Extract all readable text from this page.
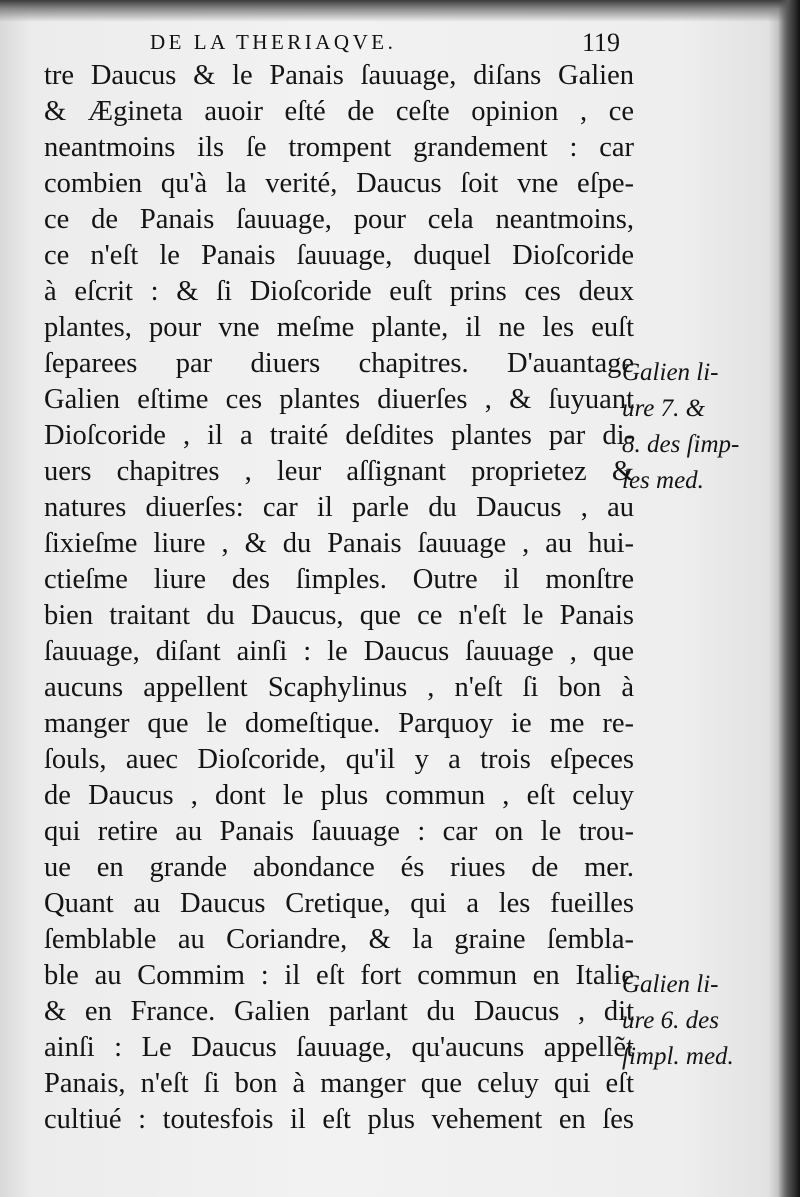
DE LA THERIAQVE.	119
tre Daucus & le Panais ſauuage, diſans Galien
& Ægineta auoir eſté de ceſte opinion , ce
neantmoins ils ſe trompent grandement : car
combien qu'à la verité, Daucus ſoit vne eſpe-
ce de Panais ſauuage, pour cela neantmoins,
ce n'eſt le Panais ſauuage, duquel Dioſcoride
à eſcrit : & ſi Dioſcoride euſt prins ces deux
plantes, pour vne meſme plante, il ne les euſt
ſeparees par diuers chapitres. D'auantage
Galien eſtime ces plantes diuerſes , & ſuyuant
Dioſcoride , il a traité deſdites plantes par di-
uers chapitres , leur aſſignant proprietez &
natures diuerſes: car il parle du Daucus , au
ſixieſme liure , & du Panais ſauuage , au hui-
ctieſme liure des ſimples. Outre il monſtre
bien traitant du Daucus, que ce n'eſt le Panais
ſauuage, diſant ainſi : le Daucus ſauuage , que
aucuns appellent Scaphylinus , n'eſt ſi bon à
manger que le domeſtique. Parquoy ie me re-
ſouls, auec Dioſcoride, qu'il y a trois eſpeces
de Daucus , dont le plus commun , eſt celuy
qui retire au Panais ſauuage : car on le trou-
ue en grande abondance és riues de mer.
Quant au Daucus Cretique, qui a les fueilles
ſemblable au Coriandre, & la graine ſembla-
ble au Commim : il eſt fort commun en Italie
& en France. Galien parlant du Daucus , dit
ainſi : Le Daucus ſauuage, qu'aucuns appellẽt
Panais, n'eſt ſi bon à manger que celuy qui eſt
cultiué : toutesfois il eſt plus vehement en ſes
Galien li-
ure 7. &
8. des ſimp-
les med.
Galien li-
ure 6. des
ſimpl. med.
